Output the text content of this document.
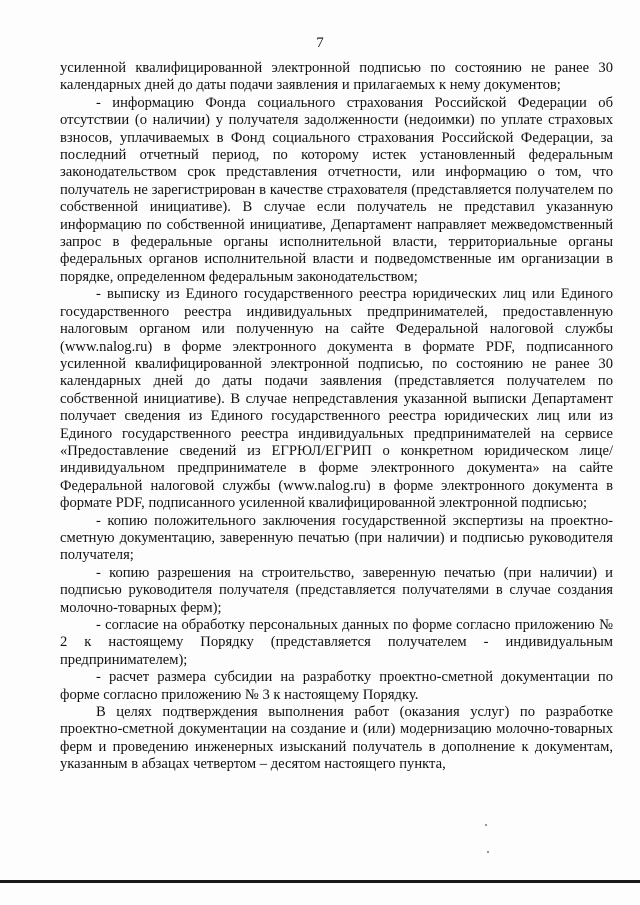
7

усиленной квалифицированной электронной подписью по состоянию не ранее 30 календарных дней до даты подачи заявления и прилагаемых к нему документов;

- информацию Фонда социального страхования Российской Федерации об отсутствии (о наличии) у получателя задолженности (недоимки) по уплате страховых взносов, уплачиваемых в Фонд социального страхования Российской Федерации, за последний отчетный период, по которому истек установленный федеральным законодательством срок представления отчетности, или информацию о том, что получатель не зарегистрирован в качестве страхователя (представляется получателем по собственной инициативе). В случае если получатель не представил указанную информацию по собственной инициативе, Департамент направляет межведомственный запрос в федеральные органы исполнительной власти, территориальные органы федеральных органов исполнительной власти и подведомственные им организации в порядке, определенном федеральным законодательством;

- выписку из Единого государственного реестра юридических лиц или Единого государственного реестра индивидуальных предпринимателей, предоставленную налоговым органом или полученную на сайте Федеральной налоговой службы (www.nalog.ru) в форме электронного документа в формате PDF, подписанного усиленной квалифицированной электронной подписью, по состоянию не ранее 30 календарных дней до даты подачи заявления (представляется получателем по собственной инициативе). В случае непредставления указанной выписки Департамент получает сведения из Единого государственного реестра юридических лиц или из Единого государственного реестра индивидуальных предпринимателей на сервисе «Предоставление сведений из ЕГРЮЛ/ЕГРИП о конкретном юридическом лице/индивидуальном предпринимателе в форме электронного документа» на сайте Федеральной налоговой службы (www.nalog.ru) в форме электронного документа в формате PDF, подписанного усиленной квалифицированной электронной подписью;

- копию положительного заключения государственной экспертизы на проектно-сметную документацию, заверенную печатью (при наличии) и подписью руководителя получателя;

- копию разрешения на строительство, заверенную печатью (при наличии) и подписью руководителя получателя (представляется получателями в случае создания молочно-товарных ферм);

- согласие на обработку персональных данных по форме согласно приложению № 2 к настоящему Порядку (представляется получателем - индивидуальным предпринимателем);

- расчет размера субсидии на разработку проектно-сметной документации по форме согласно приложению № 3 к настоящему Порядку.

В целях подтверждения выполнения работ (оказания услуг) по разработке проектно-сметной документации на создание и (или) модернизацию молочно-товарных ферм и проведению инженерных изысканий получатель в дополнение к документам, указанным в абзацах четвертом – десятом настоящего пункта,
